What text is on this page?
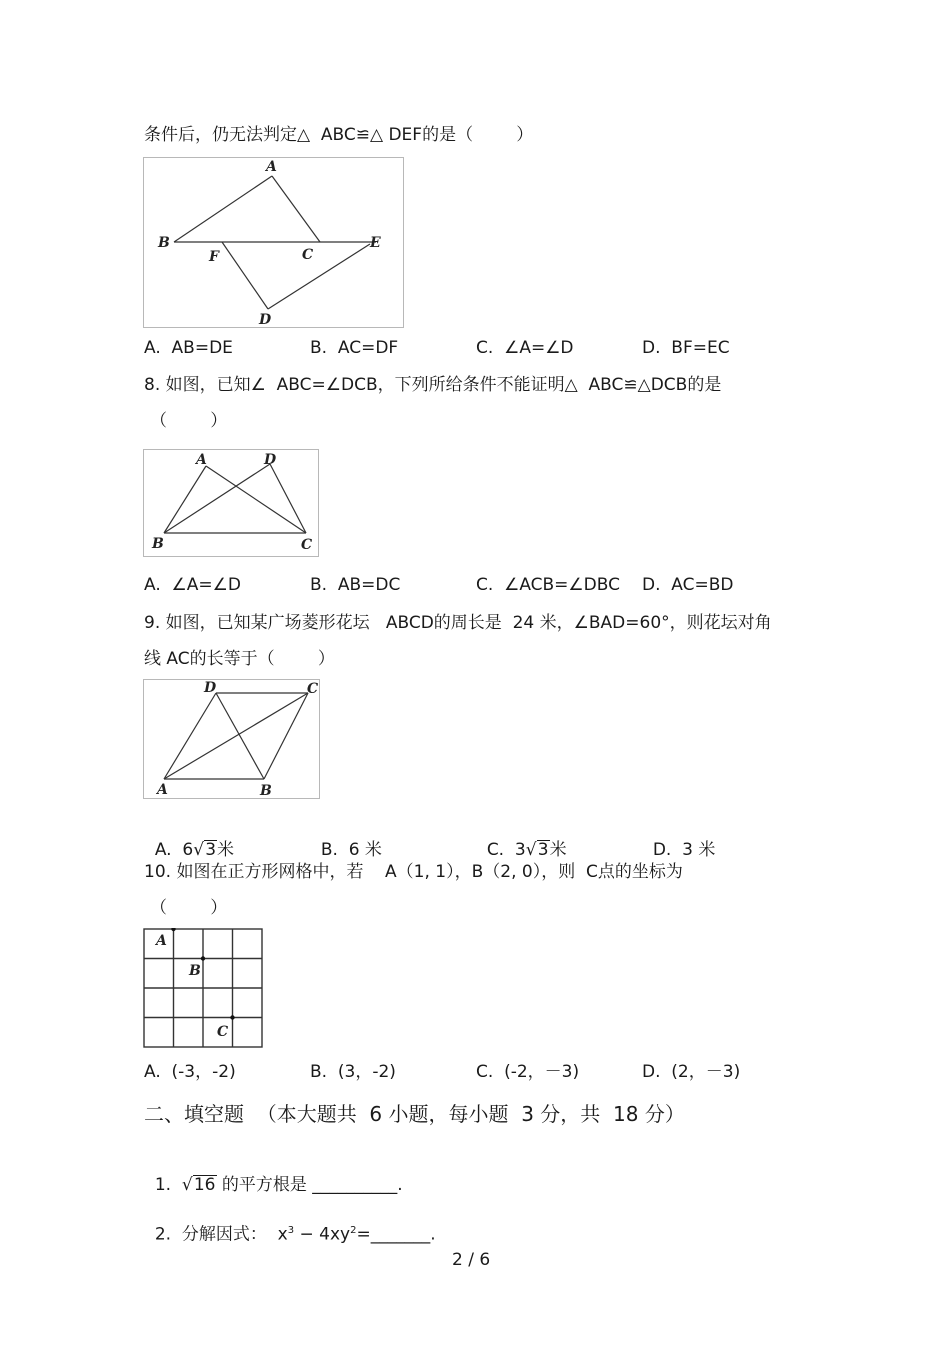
条件后，仍无法判定△  ABC≌△ DEF的是（        ）
A
B
C
E
F
D
A.  AB=DE	B.  AC=DF	C.  ∠A=∠D	D.  BF=EC
8. 如图，已知∠  ABC=∠DCB，下列所给条件不能证明△  ABC≌△DCB的是
（        ）
A	D
B	C
A.  ∠A=∠D	B.  AB=DC	C.  ∠ACB=∠DBC D.  AC=BD
9. 如图，已知某广场菱形花坛   ABCD的周长是  24 米，∠BAD=60°，则花坛对角
线 AC的长等于（        ）
D	C
A	B

A. 6 √ 3米	B. 6 米	C. 3 √ 3米	D. 3 米

10. 如图在正方形网格中，若    A（1, 1），B（2, 0），则  C点的坐标为
（        ）
A
B
C
A.  (-3，-2)	B.  (3，-2)	C.  (-2，－3)	D.  (2，－3)
二、填空题  （本大题共  6 小题，每小题  3 分，共  18 分）

1. √ 16 的平方根是 __________.

2.  分解因式：  $x^3$ − $4xy^2=\_\_\_\_\_\_\_$.

2 / 6
